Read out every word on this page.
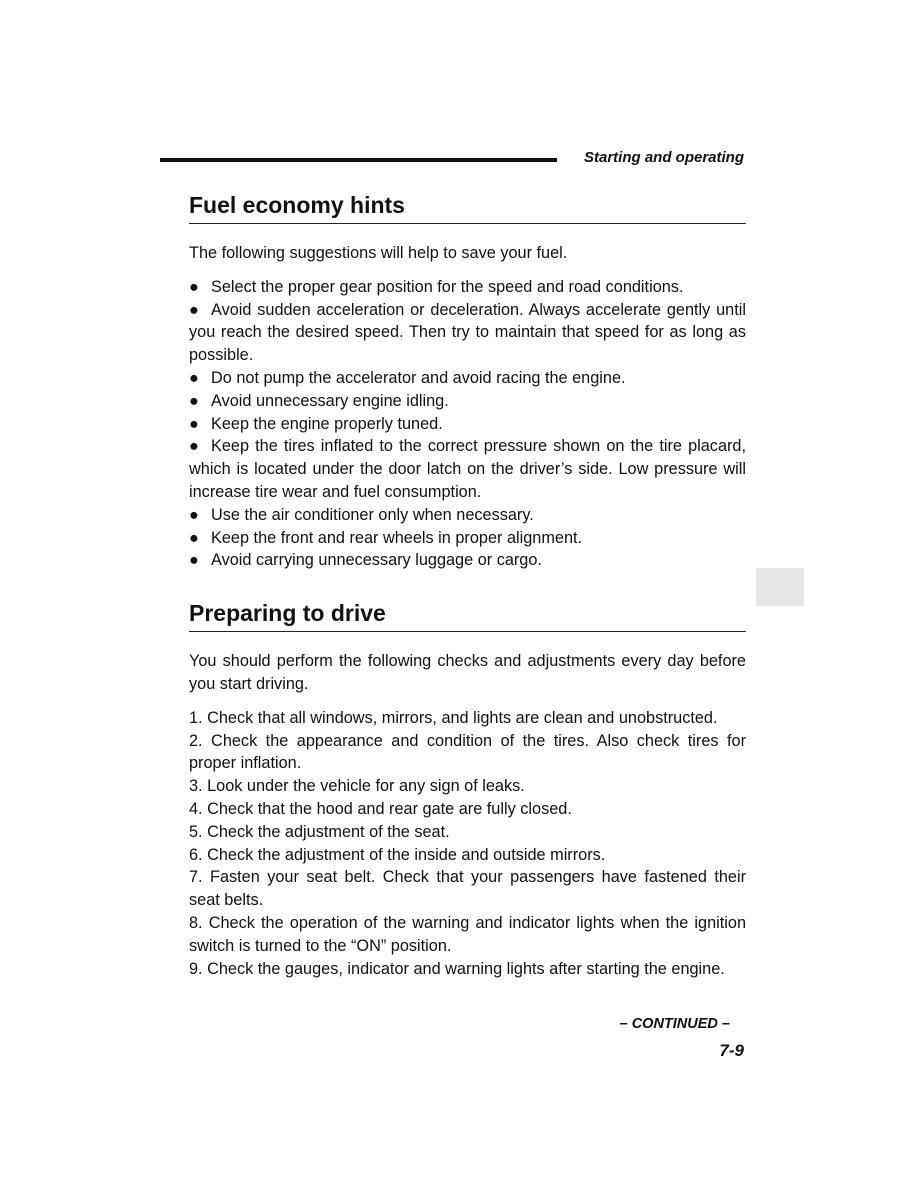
Starting and operating
Fuel economy hints

The following suggestions will help to save your fuel.

● Select the proper gear position for the speed and road conditions.

● Avoid sudden acceleration or deceleration. Always accelerate gently until you reach the desired speed. Then try to maintain that speed for as long as possible.

● Do not pump the accelerator and avoid racing the engine.

● Avoid unnecessary engine idling.

● Keep the engine properly tuned.

● Keep the tires inflated to the correct pressure shown on the tire placard, which is located under the door latch on the driver’s side. Low pressure will increase tire wear and fuel consumption.

● Use the air conditioner only when necessary.

● Keep the front and rear wheels in proper alignment.

● Avoid carrying unnecessary luggage or cargo.

Preparing to drive

You should perform the following checks and adjustments every day before you start driving.

1. Check that all windows, mirrors, and lights are clean and unobstructed.

2. Check the appearance and condition of the tires. Also check tires for proper inflation.

3. Look under the vehicle for any sign of leaks.

4. Check that the hood and rear gate are fully closed.

5. Check the adjustment of the seat.

6. Check the adjustment of the inside and outside mirrors.

7. Fasten your seat belt. Check that your passengers have fastened their seat belts.

8. Check the operation of the warning and indicator lights when the ignition switch is turned to the “ON” position.

9. Check the gauges, indicator and warning lights after starting the engine.

– CONTINUED –
7-9
